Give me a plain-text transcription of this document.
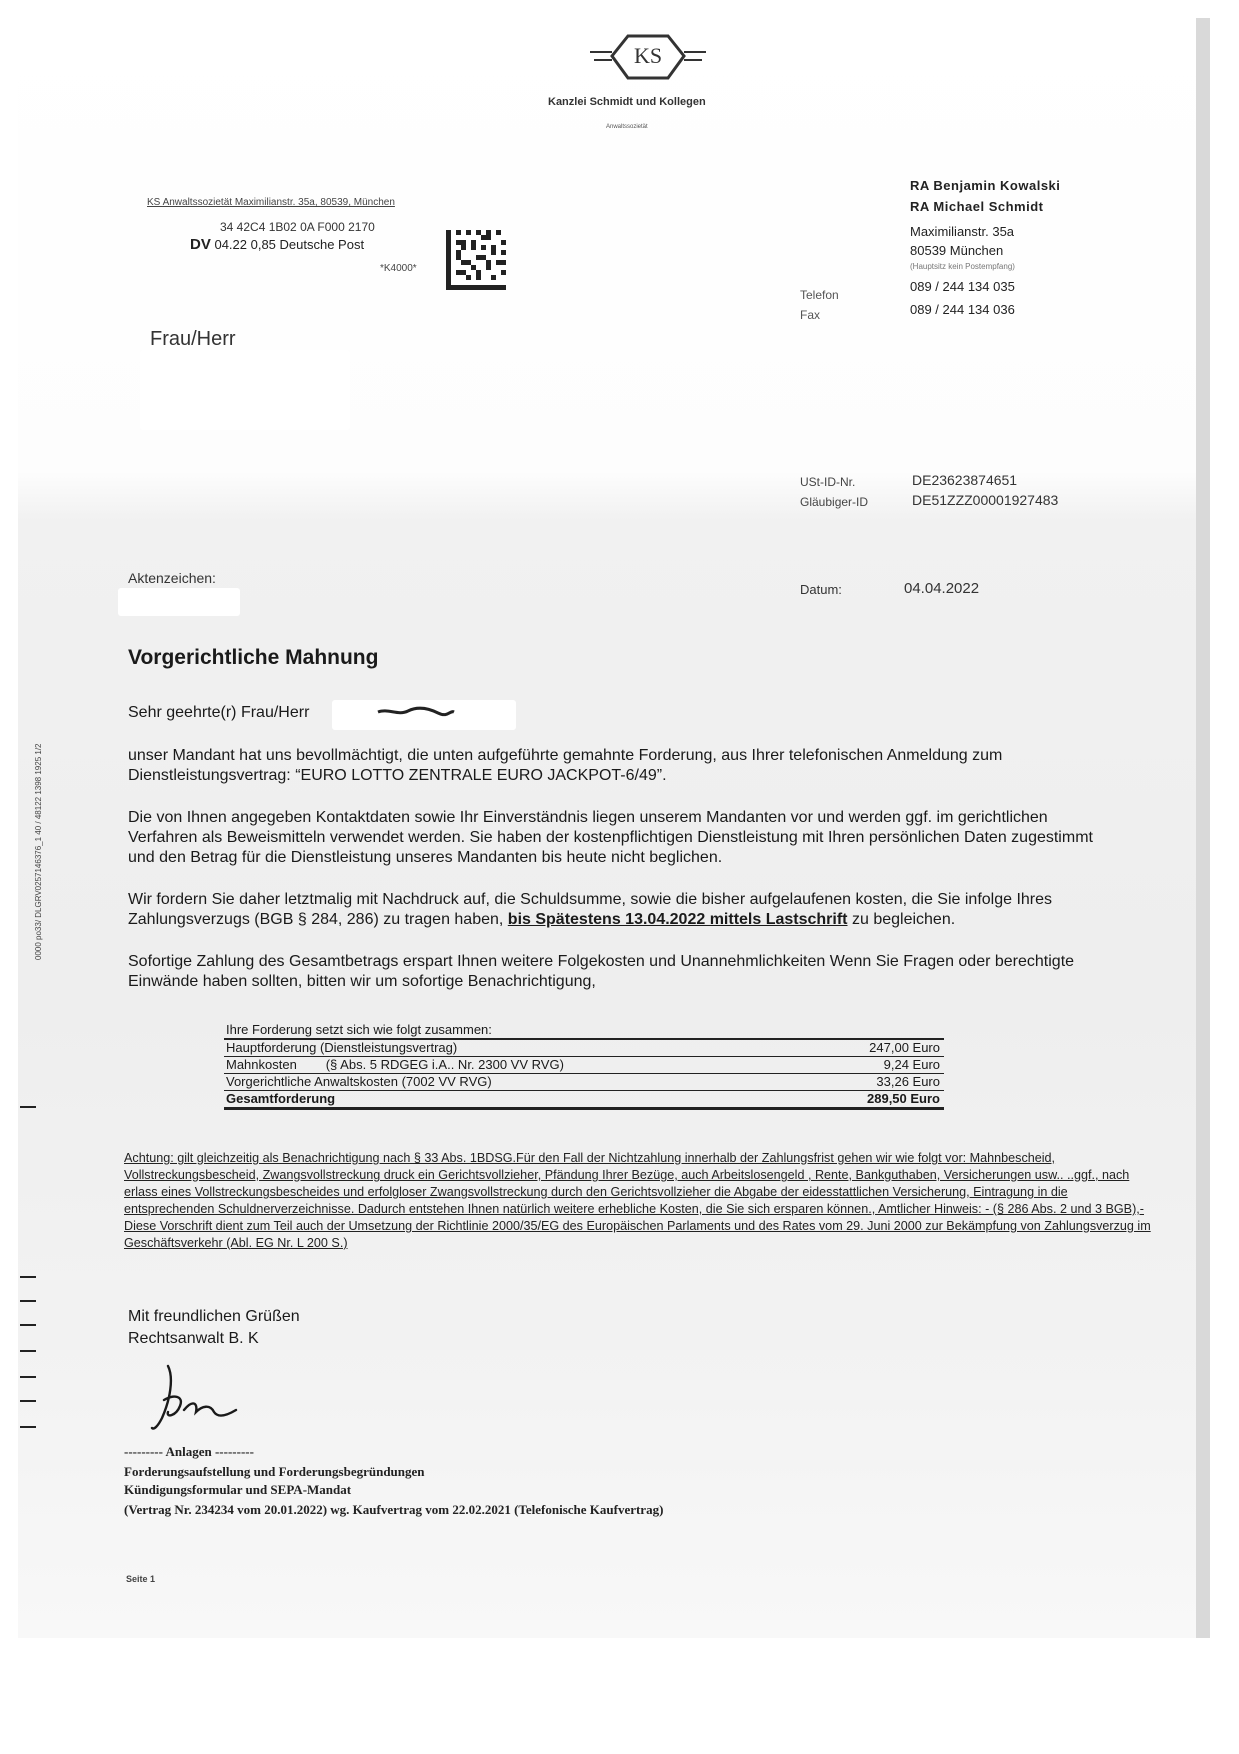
KS
Kanzlei Schmidt und Kollegen
Anwaltssozietät
KS Anwaltssozietät Maximilianstr. 35a, 80539, München
34 42C4 1B02 0A F000 2170
DV 04.22 0,85 Deutsche Post
*K4000*
RA Benjamin Kowalski
RA Michael Schmidt
Maximilianstr. 35a
80539 München
(Hauptsitz kein Postempfang)
Telefon
089 / 244 134 035
Fax	089 / 244 134 036
Frau/Herr
USt-ID-Nr.	DE23623874651
Gläubiger-ID	DE51ZZZ00001927483
Aktenzeichen:
Datum:	04.04.2022
Vorgerichtliche Mahnung
Sehr geehrte(r) Frau/Herr
unser Mandant hat uns bevollmächtigt, die unten aufgeführte gemahnte Forderung, aus Ihrer telefonischen Anmeldung zum Dienstleistungsvertrag: “EURO LOTTO ZENTRALE EURO JACKPOT-6/49”.
Die von Ihnen angegeben Kontaktdaten sowie Ihr Einverständnis liegen unserem Mandanten vor und werden ggf. im gerichtlichen Verfahren als Beweismitteln verwendet werden. Sie haben der kostenpflichtigen Dienstleistung mit Ihren persönlichen Daten zugestimmt und den Betrag für die Dienstleistung unseres Mandanten bis heute nicht beglichen.
Wir fordern Sie daher letztmalig mit Nachdruck auf, die Schuldsumme, sowie die bisher aufgelaufenen kosten, die Sie infolge Ihres Zahlungsverzugs (BGB § 284, 286) zu tragen haben, bis Spätestens 13.04.2022 mittels Lastschrift zu begleichen.
Sofortige Zahlung des Gesamtbetrags erspart Ihnen weitere Folgekosten und Unannehmlichkeiten Wenn Sie Fragen oder berechtigte Einwände haben sollten, bitten wir um sofortige Benachrichtigung,
Ihre Forderung setzt sich wie folgt zusammen:
Hauptforderung (Dienstleistungsvertrag)	247,00 Euro
Mahnkosten        (§ Abs. 5 RDGEG i.A.. Nr. 2300 VV RVG)	9,24 Euro
Vorgerichtliche Anwaltskosten (7002 VV RVG)	33,26 Euro
Gesamtforderung	289,50 Euro
Achtung: gilt gleichzeitig als Benachrichtigung nach § 33 Abs. 1BDSG.Für den Fall der Nichtzahlung innerhalb der Zahlungsfrist gehen wir wie folgt vor: Mahnbescheid, Vollstreckungsbescheid, Zwangsvollstreckung druck ein Gerichtsvollzieher, Pfändung Ihrer Bezüge, auch Arbeitslosengeld , Rente, Bankguthaben, Versicherungen usw.. ..ggf., nach erlass eines Vollstreckungsbescheides und erfolgloser Zwangsvollstreckung durch den Gerichtsvollzieher die Abgabe der eidesstattlichen Versicherung, Eintragung in die entsprechenden Schuldnerverzeichnisse. Dadurch entstehen Ihnen natürlich weitere erhebliche Kosten, die Sie sich ersparen können., Amtlicher Hinweis: - (§ 286 Abs. 2 und 3 BGB),- Diese Vorschrift dient zum Teil auch der Umsetzung der Richtlinie 2000/35/EG des Europäischen Parlaments und des Rates vom 29. Juni 2000 zur Bekämpfung von Zahlungsverzug im Geschäftsverkehr (Abl. EG Nr. L 200 S.)
Mit freundlichen Grüßen
Rechtsanwalt B. K
--------- Anlagen ---------
Forderungsaufstellung und Forderungsbegründungen
Kündigungsformular und SEPA-Mandat
(Vertrag Nr. 234234 vom 20.01.2022) wg. Kaufvertrag vom 22.02.2021 (Telefonische Kaufvertrag)
Seite 1
0000 po33/ DLGRV0257146376_1 40 / 48122 1398 1925 1/2
